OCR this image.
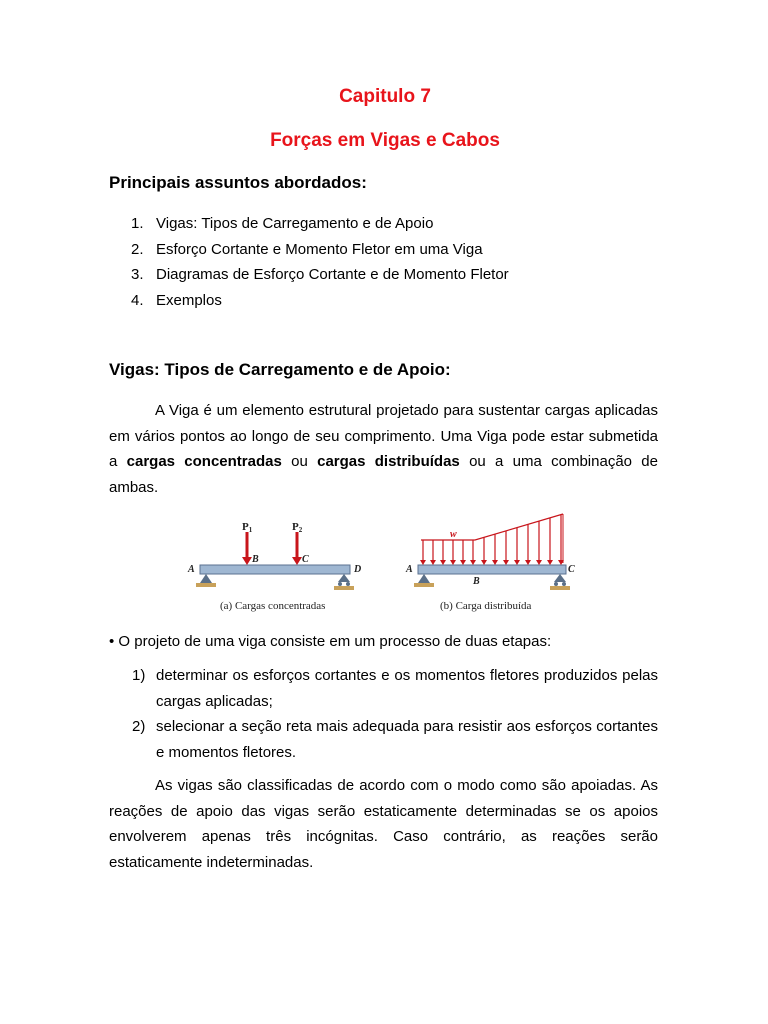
Capitulo 7
Forças em Vigas e Cabos
Principais assuntos abordados:
1. Vigas: Tipos de Carregamento e de Apoio
2. Esforço Cortante e Momento Fletor em uma Viga
3. Diagramas de Esforço Cortante e de Momento Fletor
4. Exemplos
Vigas: Tipos de Carregamento e de Apoio:

A Viga é um elemento estrutural projetado para sustentar cargas aplicadas em vários pontos ao longo de seu comprimento. Uma Viga pode estar submetida a cargas concentradas ou cargas distribuídas ou a uma combinação de ambas.

P1	P2
A
B	C
D
(a) Cargas concentradas
w
A
B
C
(b) Carga distribuída
• O projeto de uma viga consiste em um processo de duas etapas:
1) determinar os esforços cortantes e os momentos fletores produzidos pelas cargas aplicadas;
2) selecionar a seção reta mais adequada para resistir aos esforços cortantes e momentos fletores.

As vigas são classificadas de acordo com o modo como são apoiadas. As reações de apoio das vigas serão estaticamente determinadas se os apoios envolverem apenas três incógnitas. Caso contrário, as reações serão estaticamente indeterminadas.
